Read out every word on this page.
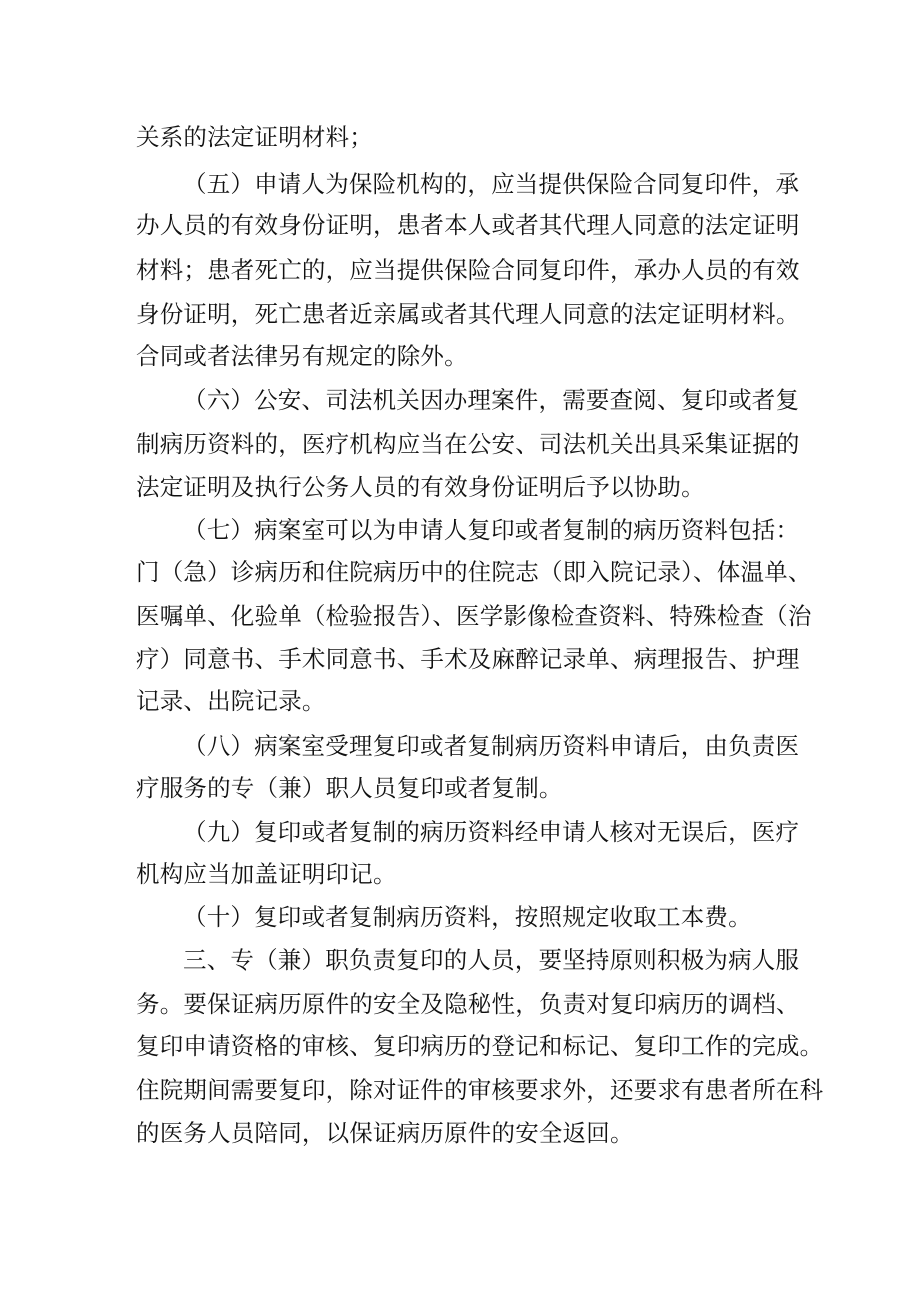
关系的法定证明材料；
（五）申请人为保险机构的，应当提供保险合同复印件，承
办人员的有效身份证明，患者本人或者其代理人同意的法定证明
材料；患者死亡的，应当提供保险合同复印件，承办人员的有效
身份证明，死亡患者近亲属或者其代理人同意的法定证明材料。
合同或者法律另有规定的除外。
（六）公安、司法机关因办理案件，需要查阅、复印或者复
制病历资料的，医疗机构应当在公安、司法机关出具采集证据的
法定证明及执行公务人员的有效身份证明后予以协助。
（七）病案室可以为申请人复印或者复制的病历资料包括：
门（急）诊病历和住院病历中的住院志（即入院记录）、体温单、
医嘱单、化验单（检验报告）、医学影像检查资料、特殊检查（治
疗）同意书、手术同意书、手术及麻醉记录单、病理报告、护理
记录、出院记录。
（八）病案室受理复印或者复制病历资料申请后，由负责医
疗服务的专（兼）职人员复印或者复制。
（九）复印或者复制的病历资料经申请人核对无误后，医疗
机构应当加盖证明印记。
（十）复印或者复制病历资料，按照规定收取工本费。
三、专（兼）职负责复印的人员，要坚持原则积极为病人服
务。要保证病历原件的安全及隐秘性，负责对复印病历的调档、
复印申请资格的审核、复印病历的登记和标记、复印工作的完成。
住院期间需要复印，除对证件的审核要求外，还要求有患者所在科
的医务人员陪同，以保证病历原件的安全返回。
